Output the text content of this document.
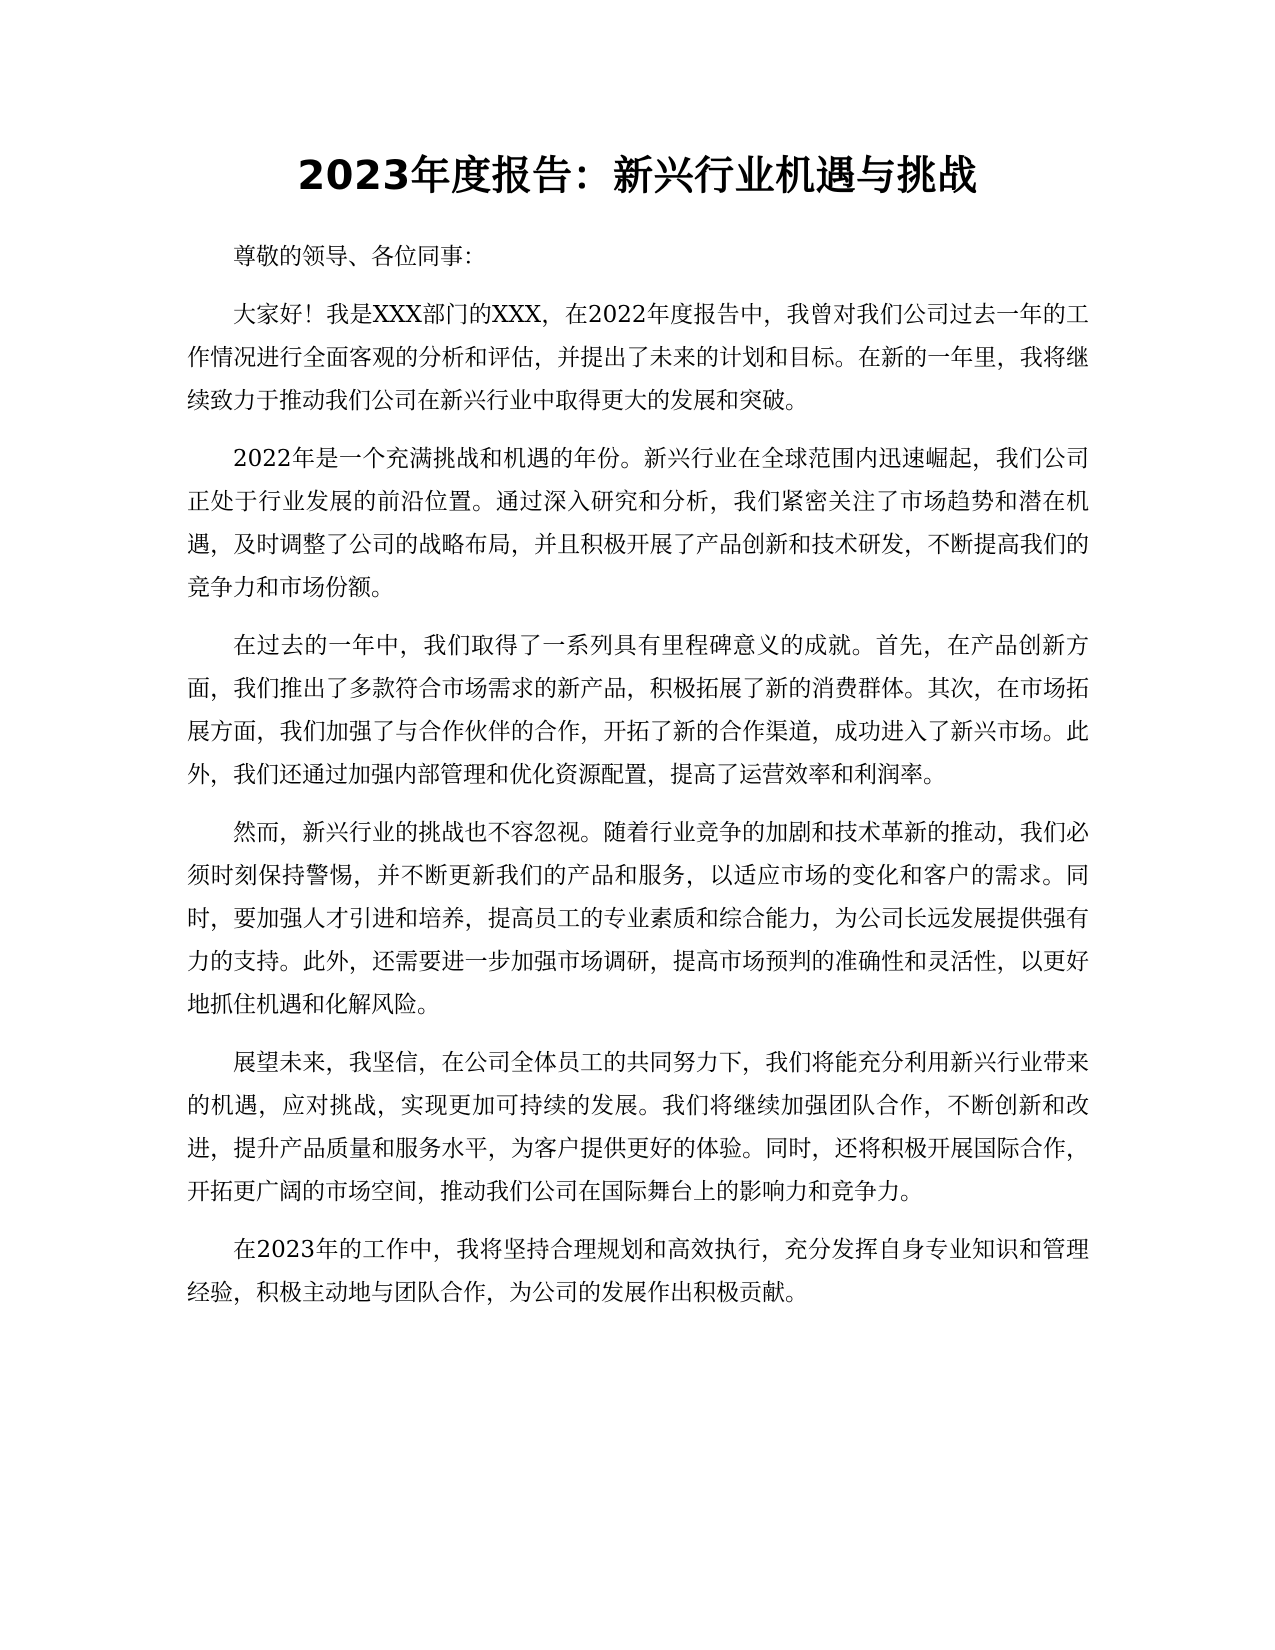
2023年度报告：新兴行业机遇与挑战

尊敬的领导、各位同事：

大家好！我是XXX部门的XXX，在2022年度报告中，我曾对我们公司过去一年的工作情况进行全面客观的分析和评估，并提出了未来的计划和目标。在新的一年里，我将继续致力于推动我们公司在新兴行业中取得更大的发展和突破。

2022年是一个充满挑战和机遇的年份。新兴行业在全球范围内迅速崛起，我们公司正处于行业发展的前沿位置。通过深入研究和分析，我们紧密关注了市场趋势和潜在机遇，及时调整了公司的战略布局，并且积极开展了产品创新和技术研发，不断提高我们的竞争力和市场份额。

在过去的一年中，我们取得了一系列具有里程碑意义的成就。首先，在产品创新方面，我们推出了多款符合市场需求的新产品，积极拓展了新的消费群体。其次，在市场拓展方面，我们加强了与合作伙伴的合作，开拓了新的合作渠道，成功进入了新兴市场。此外，我们还通过加强内部管理和优化资源配置，提高了运营效率和利润率。

然而，新兴行业的挑战也不容忽视。随着行业竞争的加剧和技术革新的推动，我们必须时刻保持警惕，并不断更新我们的产品和服务，以适应市场的变化和客户的需求。同时，要加强人才引进和培养，提高员工的专业素质和综合能力，为公司长远发展提供强有力的支持。此外，还需要进一步加强市场调研，提高市场预判的准确性和灵活性，以更好地抓住机遇和化解风险。

展望未来，我坚信，在公司全体员工的共同努力下，我们将能充分利用新兴行业带来的机遇，应对挑战，实现更加可持续的发展。我们将继续加强团队合作，不断创新和改进，提升产品质量和服务水平，为客户提供更好的体验。同时，还将积极开展国际合作，开拓更广阔的市场空间，推动我们公司在国际舞台上的影响力和竞争力。

在2023年的工作中，我将坚持合理规划和高效执行，充分发挥自身专业知识和管理经验，积极主动地与团队合作，为公司的发展作出积极贡献。
